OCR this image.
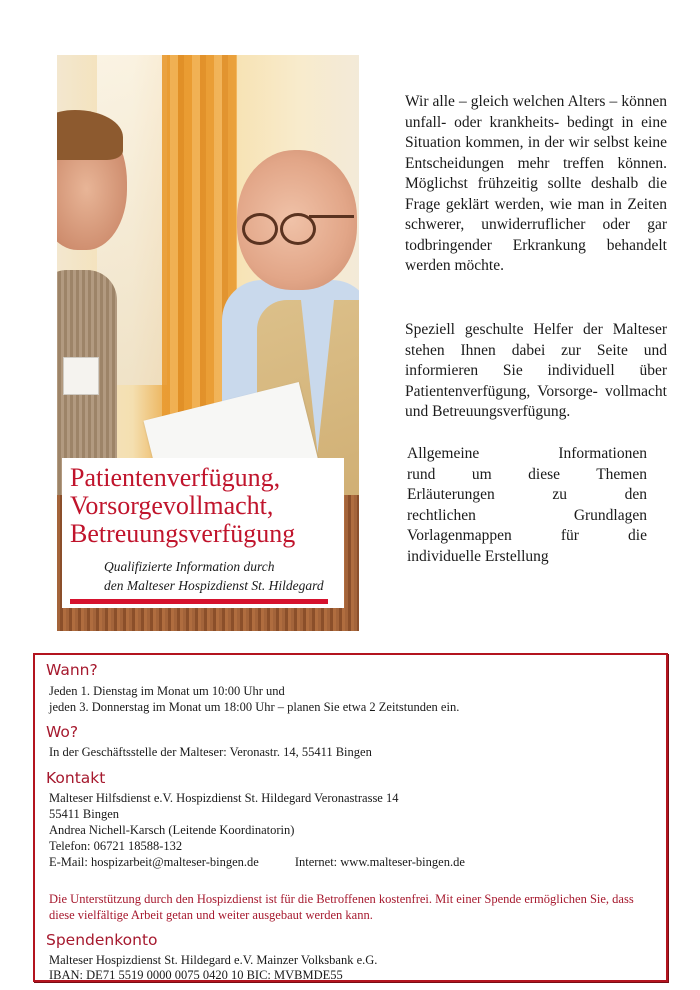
Patientenverfügung,
Vorsorgevollmacht,
Betreuungsverfügung
Qualifizierte Information durch
den Malteser Hospizdienst St. Hildegard
Wir alle – gleich welchen Alters – können unfall- oder krankheits- bedingt in eine Situation kommen, in der wir selbst keine Entscheidungen mehr treffen können. Möglichst frühzeitig sollte deshalb die Frage geklärt werden, wie man in Zeiten schwerer, unwiderruflicher oder gar todbringender Erkrankung behandelt werden möchte.
Speziell geschulte Helfer der Malteser stehen Ihnen dabei zur Seite und informieren Sie individuell über Patientenverfügung, Vorsorge- vollmacht und Betreuungsverfügung.
Allgemeine Informationen
rund um diese Themen
Erläuterungen zu den
rechtlichen Grundlagen
Vorlagenmappen für die
individuelle Erstellung
Wann?
Jeden 1. Dienstag im Monat um 10:00 Uhr und
jeden 3. Donnerstag im Monat um 18:00 Uhr – planen Sie etwa 2 Zeitstunden ein.
Wo?
In der Geschäftsstelle der Malteser: Veronastr. 14, 55411 Bingen
Kontakt
Malteser Hilfsdienst e.V. Hospizdienst St. Hildegard Veronastrasse 14
55411 Bingen
Andrea Nichell-Karsch (Leitende Koordinatorin)
Telefon: 06721 18588-132
E-Mail: hospizarbeit@malteser-bingen.de	Internet: www.malteser-bingen.de
Die Unterstützung durch den Hospizdienst ist für die Betroffenen kostenfrei. Mit einer Spende ermöglichen Sie, dass
diese vielfältige Arbeit getan und weiter ausgebaut werden kann.
Spendenkonto
Malteser Hospizdienst St. Hildegard e.V. Mainzer Volksbank e.G.
IBAN: DE71 5519 0000 0075 0420 10 BIC: MVBMDE55
